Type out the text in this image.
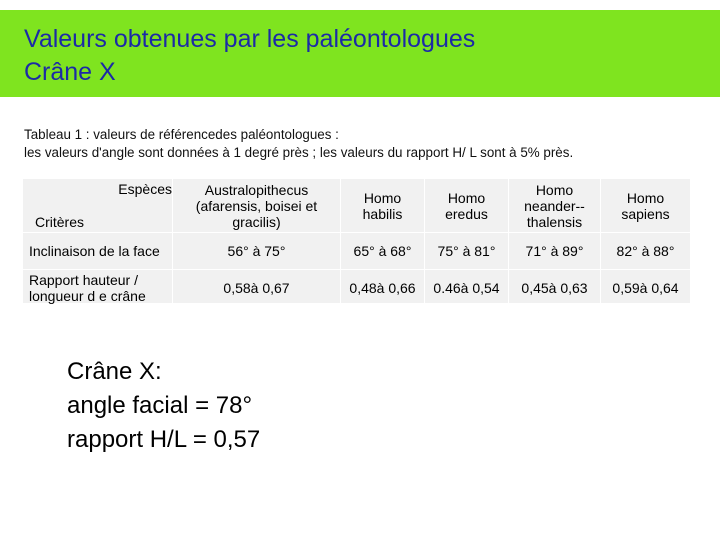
Valeurs obtenues par les paléontologues
Crâne X
Tableau 1 : valeurs de référencedes paléontologues :
les valeurs d'angle sont données à 1 degré près ; les valeurs du rapport H/ L sont à 5% près.
Espèces
Critères	Australopithecus (afarensis, boisei et gracilis)	Homo habilis	Homo eredus	Homo neander--thalensis	Homo sapiens
Inclinaison de la face	56° à 75°	65° à 68°	75° à 81°	71° à 89°	82° à 88°
Rapport hauteur / longueur d e crâne	0,58à 0,67	0,48à 0,66	0.46à 0,54	0,45à 0,63	0,59à 0,64
Crâne X:
angle facial = 78°
rapport H/L = 0,57
